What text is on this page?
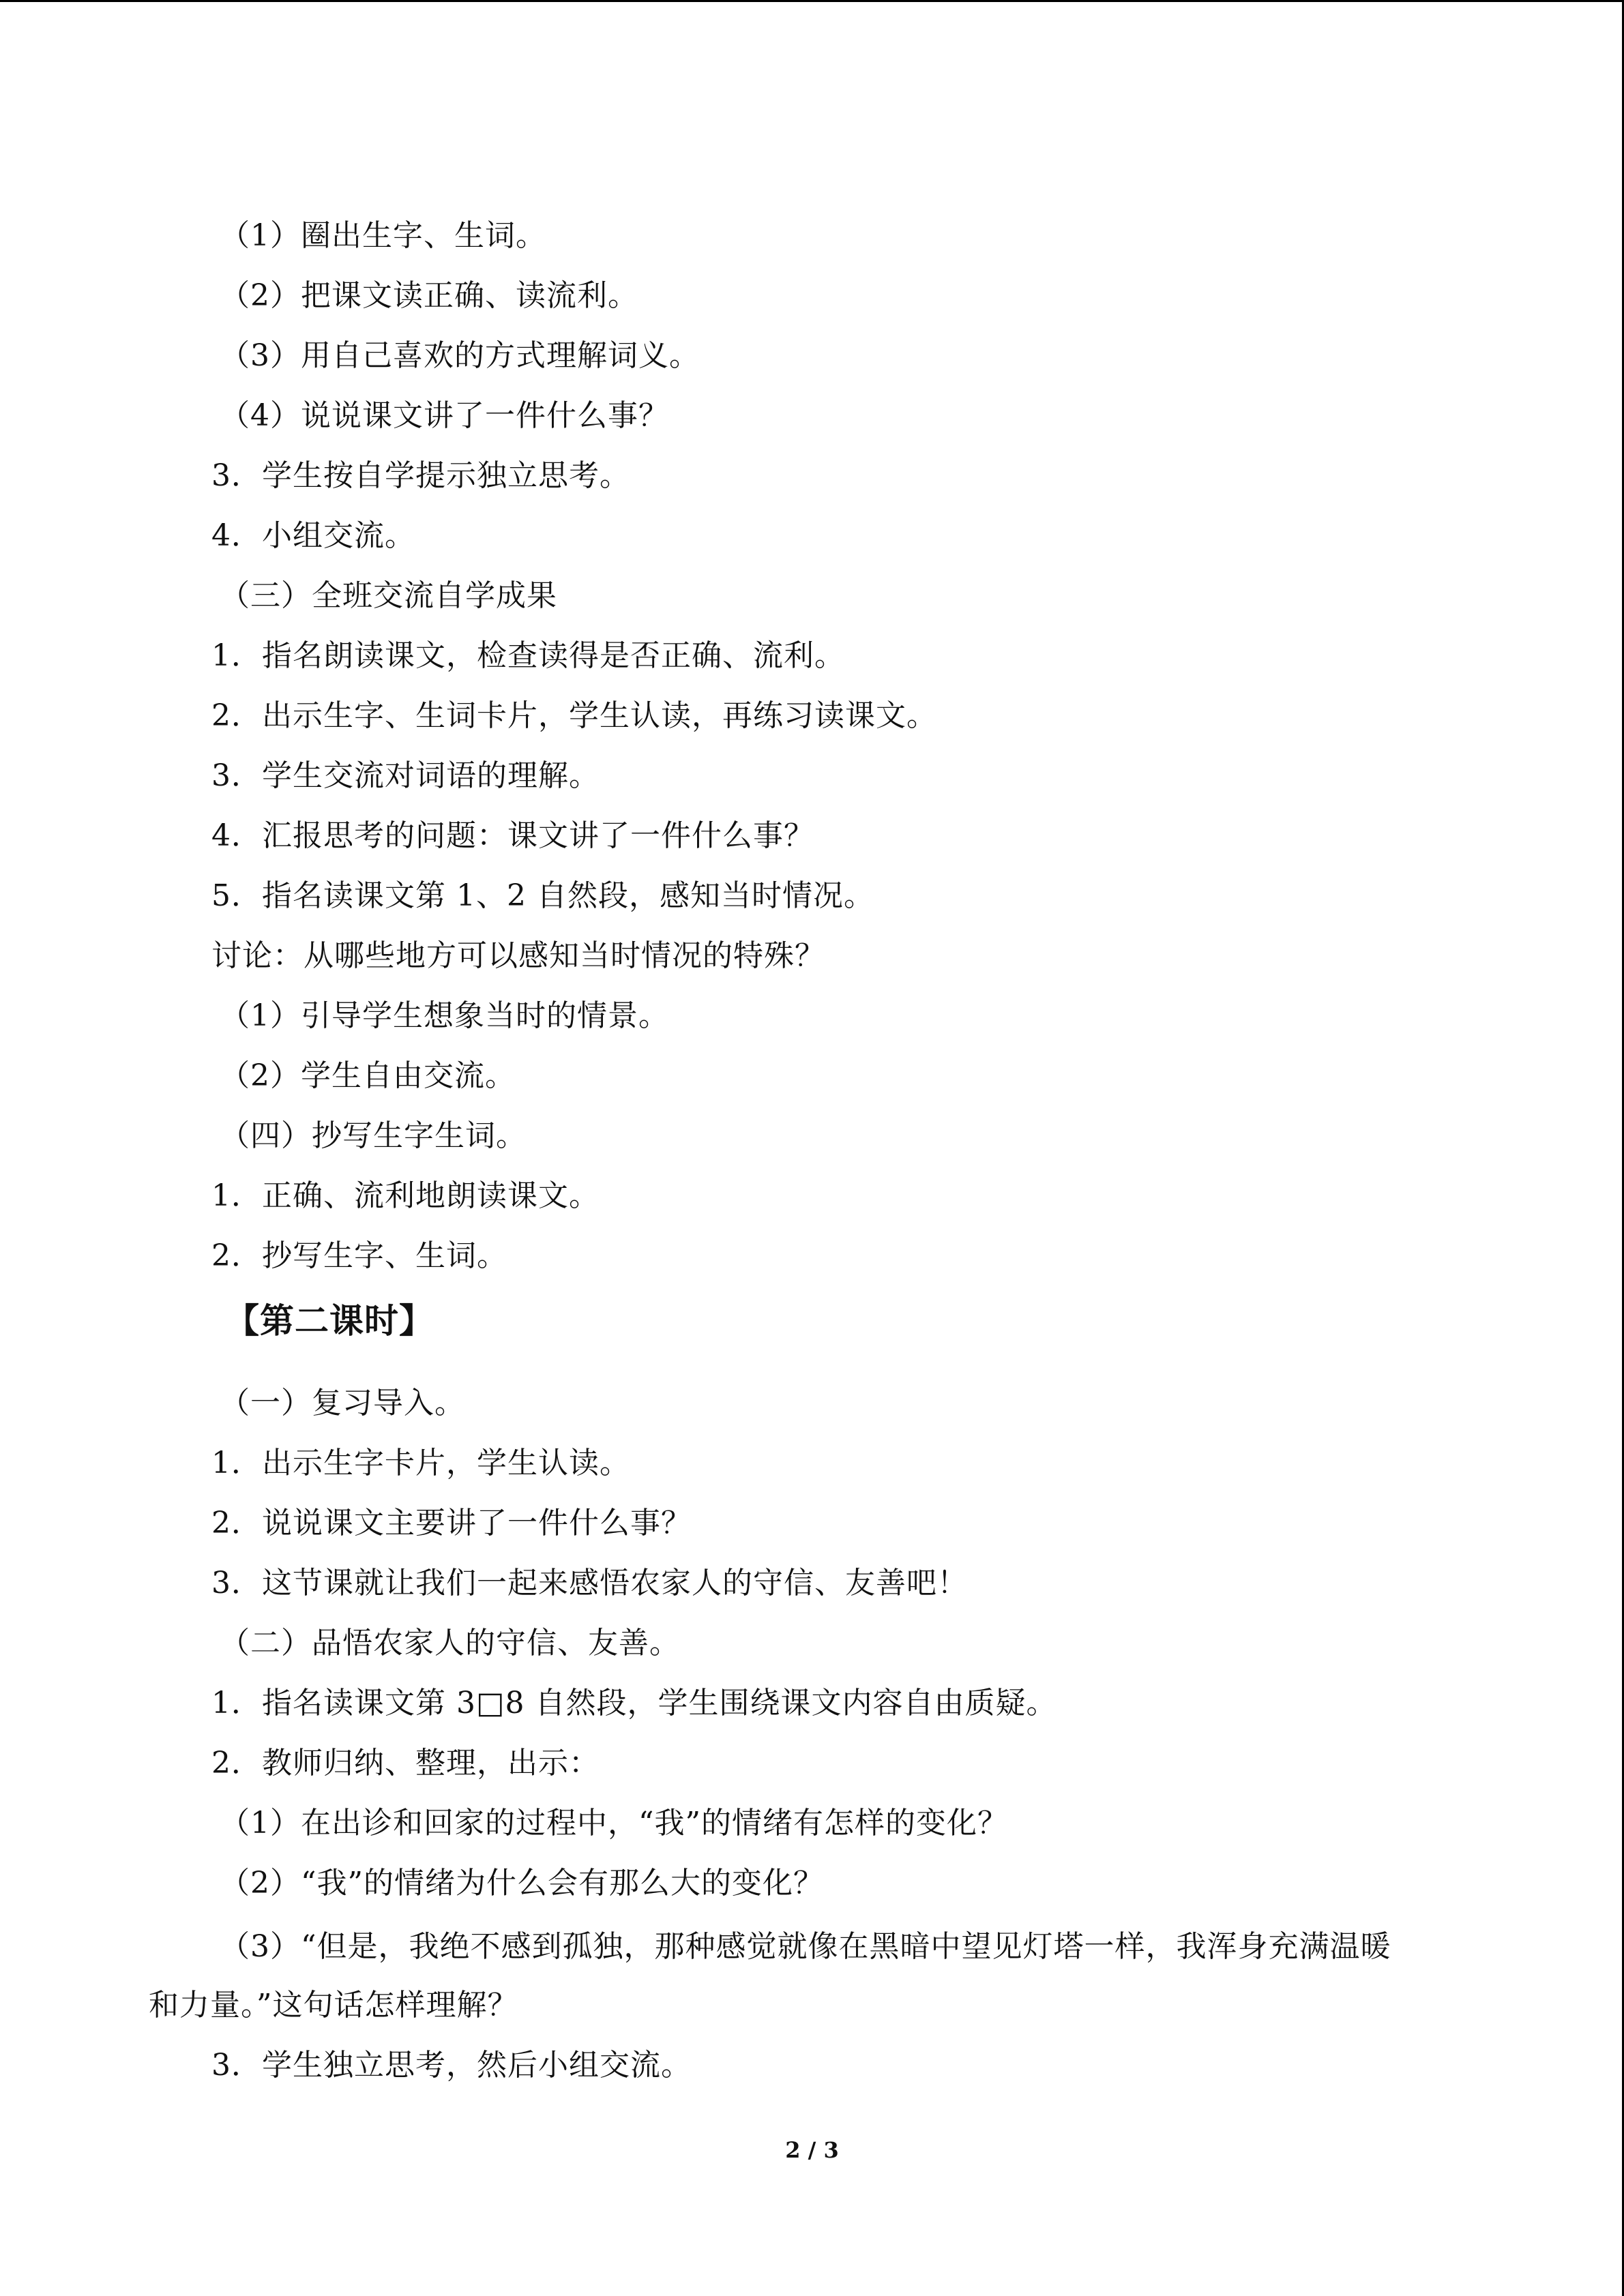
（1）圈出生字、生词。
（2）把课文读正确、读流利。
（3）用自己喜欢的方式理解词义。
（4）说说课文讲了一件什么事？
3．学生按自学提示独立思考。
4．小组交流。
（三）全班交流自学成果
1．指名朗读课文，检查读得是否正确、流利。
2．出示生字、生词卡片，学生认读，再练习读课文。
3．学生交流对词语的理解。
4．汇报思考的问题：课文讲了一件什么事？
5．指名读课文第 1、2 自然段，感知当时情况。
讨论：从哪些地方可以感知当时情况的特殊？
（1）引导学生想象当时的情景。
（2）学生自由交流。
（四）抄写生字生词。
1．正确、流利地朗读课文。
2．抄写生字、生词。
【第二课时】
（一）复习导入。
1．出示生字卡片，学生认读。
2．说说课文主要讲了一件什么事？
3．这节课就让我们一起来感悟农家人的守信、友善吧！
（二）品悟农家人的守信、友善。
1．指名读课文第 3□8 自然段，学生围绕课文内容自由质疑。
2．教师归纳、整理，出示：
（1）在出诊和回家的过程中，“我”的情绪有怎样的变化？
（2）“我”的情绪为什么会有那么大的变化？
（3）“但是，我绝不感到孤独，那种感觉就像在黑暗中望见灯塔一样，我浑身充满温暖
和力量。”这句话怎样理解？
3．学生独立思考，然后小组交流。
2 / 3
